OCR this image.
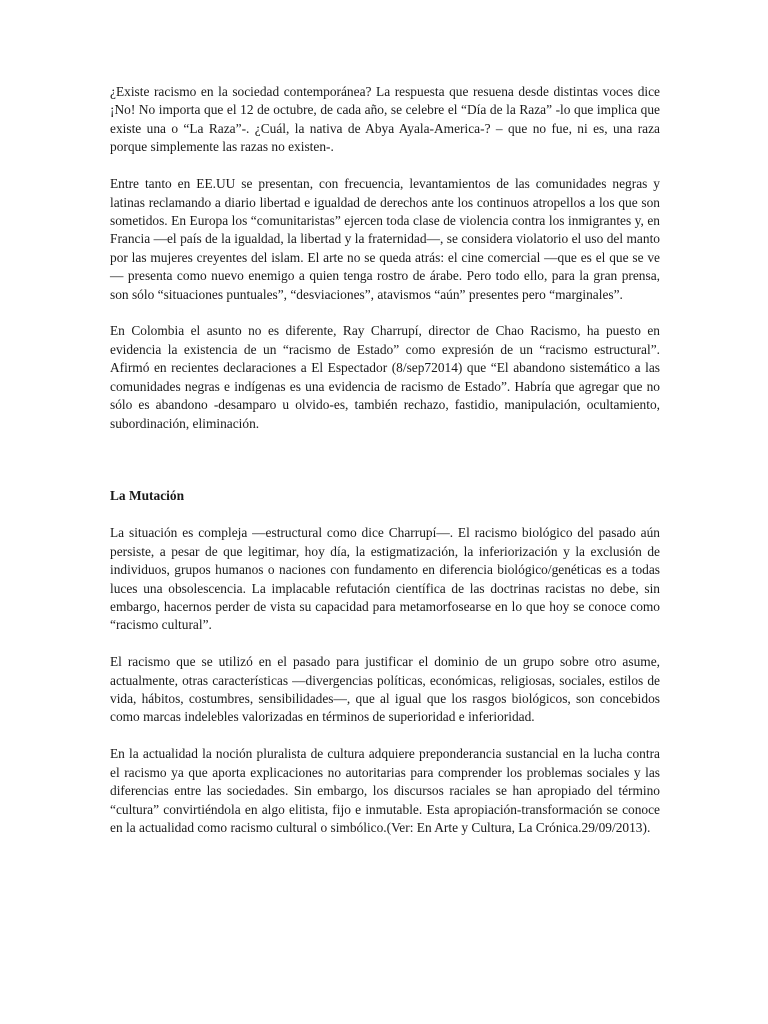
¿Existe racismo en la sociedad contemporánea? La respuesta que resuena desde distintas voces dice ¡No! No importa que el 12 de octubre, de cada año, se celebre el “Día de la Raza” -lo que implica que existe una o “La Raza”-. ¿Cuál, la nativa de Abya Ayala-America-? – que no fue, ni es, una raza porque simplemente las razas no existen-.

Entre tanto en EE.UU se presentan, con frecuencia, levantamientos de las comunidades negras y latinas reclamando a diario libertad e igualdad de derechos ante los continuos atropellos a los que son sometidos. En Europa los “comunitaristas” ejercen toda clase de violencia contra los inmigrantes y, en Francia —el país de la igualdad, la libertad y la fraternidad—, se considera violatorio el uso del manto por las mujeres creyentes del islam. El arte no se queda atrás: el cine comercial —que es el que se ve— presenta como nuevo enemigo a quien tenga rostro de árabe. Pero todo ello, para la gran prensa, son sólo “situaciones puntuales”, “desviaciones”, atavismos “aún” presentes pero “marginales”.

En Colombia el asunto no es diferente, Ray Charrupí, director de Chao Racismo, ha puesto en evidencia la existencia de un “racismo de Estado” como expresión de un “racismo estructural”. Afirmó en recientes declaraciones a El Espectador (8/sep72014) que “El abandono sistemático a las comunidades negras e indígenas es una evidencia de racismo de Estado”. Habría que agregar que no sólo es abandono -desamparo u olvido-es, también rechazo, fastidio, manipulación, ocultamiento, subordinación, eliminación.

La Mutación

La situación es compleja —estructural como dice Charrupí—. El racismo biológico del pasado aún persiste, a pesar de que legitimar, hoy día, la estigmatización, la inferiorización y la exclusión de individuos, grupos humanos o naciones con fundamento en diferencia biológico/genéticas es a todas luces una obsolescencia. La implacable refutación científica de las doctrinas racistas no debe, sin embargo, hacernos perder de vista su capacidad para metamorfosearse en lo que hoy se conoce como “racismo cultural”.

El racismo que se utilizó en el pasado para justificar el dominio de un grupo sobre otro asume, actualmente, otras características —divergencias políticas, económicas, religiosas, sociales, estilos de vida, hábitos, costumbres, sensibilidades—, que al igual que los rasgos biológicos, son concebidos como marcas indelebles valorizadas en términos de superioridad e inferioridad.

En la actualidad la noción pluralista de cultura adquiere preponderancia sustancial en la lucha contra el racismo ya que aporta explicaciones no autoritarias para comprender los problemas sociales y las diferencias entre las sociedades. Sin embargo, los discursos raciales se han apropiado del término “cultura” convirtiéndola en algo elitista, fijo e inmutable. Esta apropiación-transformación se conoce en la actualidad como racismo cultural o simbólico.(Ver: En Arte y Cultura, La Crónica.29/09/2013).
